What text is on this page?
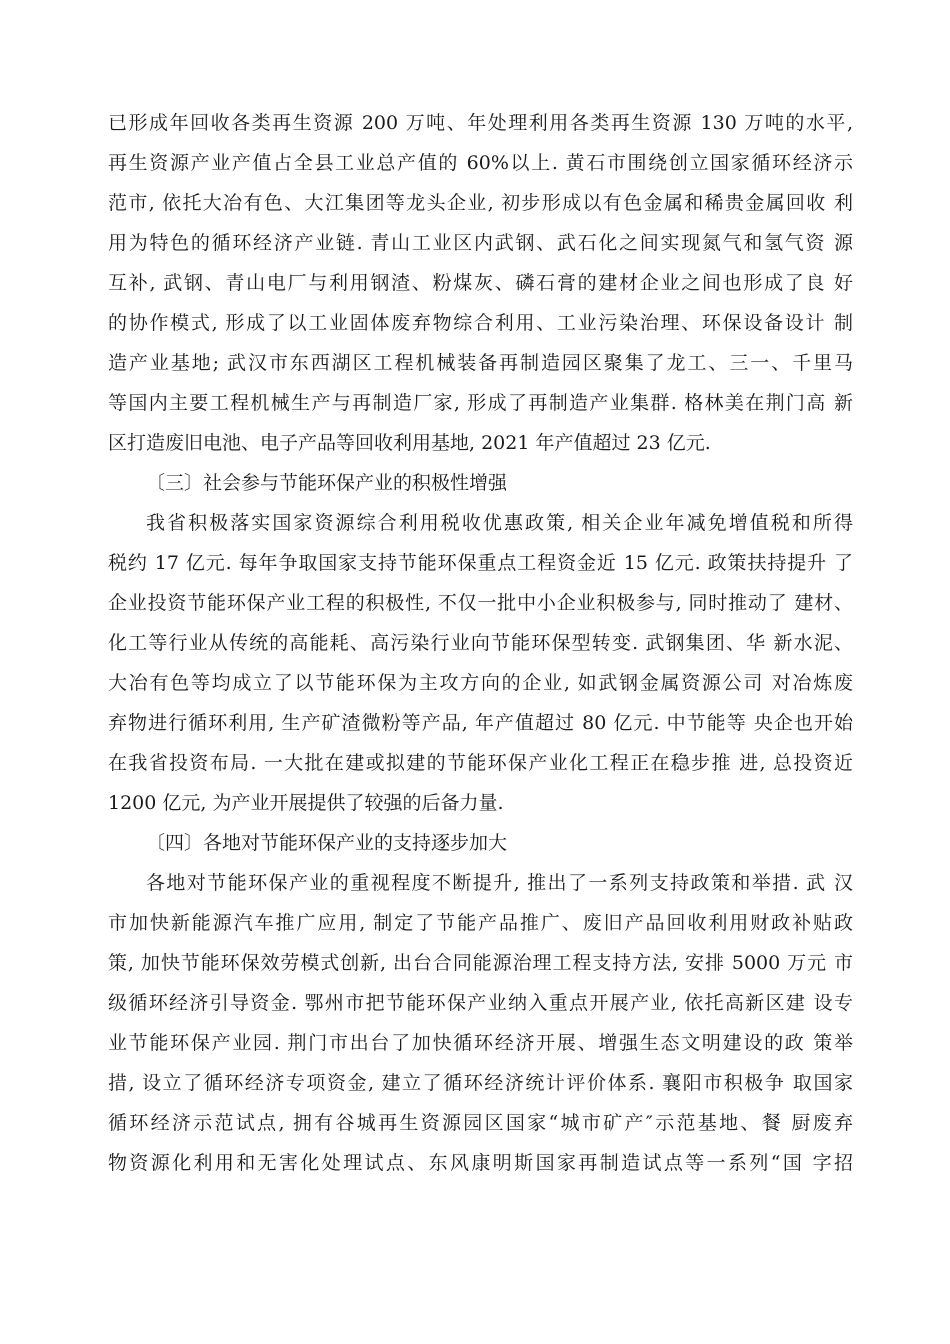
已形成年回收各类再生资源 200 万吨、年处理利用各类再生资源 130 万吨的水平,
再生资源产业产值占全县工业总产值的 60%以上. 黄石市围绕创立国家循环经济示
范市, 依托大冶有色、大江集团等龙头企业, 初步形成以有色金属和稀贵金属回收 利
用为特色的循环经济产业链. 青山工业区内武钢、武石化之间实现氮气和氢气资 源
互补, 武钢、青山电厂与利用钢渣、粉煤灰、磷石膏的建材企业之间也形成了良 好
的协作模式, 形成了以工业固体废弃物综合利用、工业污染治理、环保设备设计 制
造产业基地; 武汉市东西湖区工程机械装备再制造园区聚集了龙工、三一、千里马
等国内主要工程机械生产与再制造厂家, 形成了再制造产业集群. 格林美在荆门高 新
区打造废旧电池、电子产品等回收利用基地, 2021 年产值超过 23 亿元.
〔三〕社会参与节能环保产业的积极性增强
我省积极落实国家资源综合利用税收优惠政策, 相关企业年减免增值税和所得
税约 17 亿元. 每年争取国家支持节能环保重点工程资金近 15 亿元. 政策扶持提升 了
企业投资节能环保产业工程的积极性, 不仅一批中小企业积极参与, 同时推动了 建材、
化工等行业从传统的高能耗、高污染行业向节能环保型转变. 武钢集团、华 新水泥、
大冶有色等均成立了以节能环保为主攻方向的企业, 如武钢金属资源公司 对冶炼废
弃物进行循环利用, 生产矿渣微粉等产品, 年产值超过 80 亿元. 中节能等 央企也开始
在我省投资布局. 一大批在建或拟建的节能环保产业化工程正在稳步推 进, 总投资近
1200 亿元, 为产业开展提供了较强的后备力量.
〔四〕各地对节能环保产业的支持逐步加大
各地对节能环保产业的重视程度不断提升, 推出了一系列支持政策和举措. 武 汉
市加快新能源汽车推广应用, 制定了节能产品推广、废旧产品回收利用财政补贴政
策, 加快节能环保效劳模式创新, 出台合同能源治理工程支持方法, 安排 5000 万元 市
级循环经济引导资金. 鄂州市把节能环保产业纳入重点开展产业, 依托高新区建 设专
业节能环保产业园. 荆门市出台了加快循环经济开展、增强生态文明建设的政 策举
措, 设立了循环经济专项资金, 建立了循环经济统计评价体系. 襄阳市积极争 取国家
循环经济示范试点, 拥有谷城再生资源园区国家“城市矿产″示范基地、餐 厨废弃
物资源化利用和无害化处理试点、东风康明斯国家再制造试点等一系列“国 字招
